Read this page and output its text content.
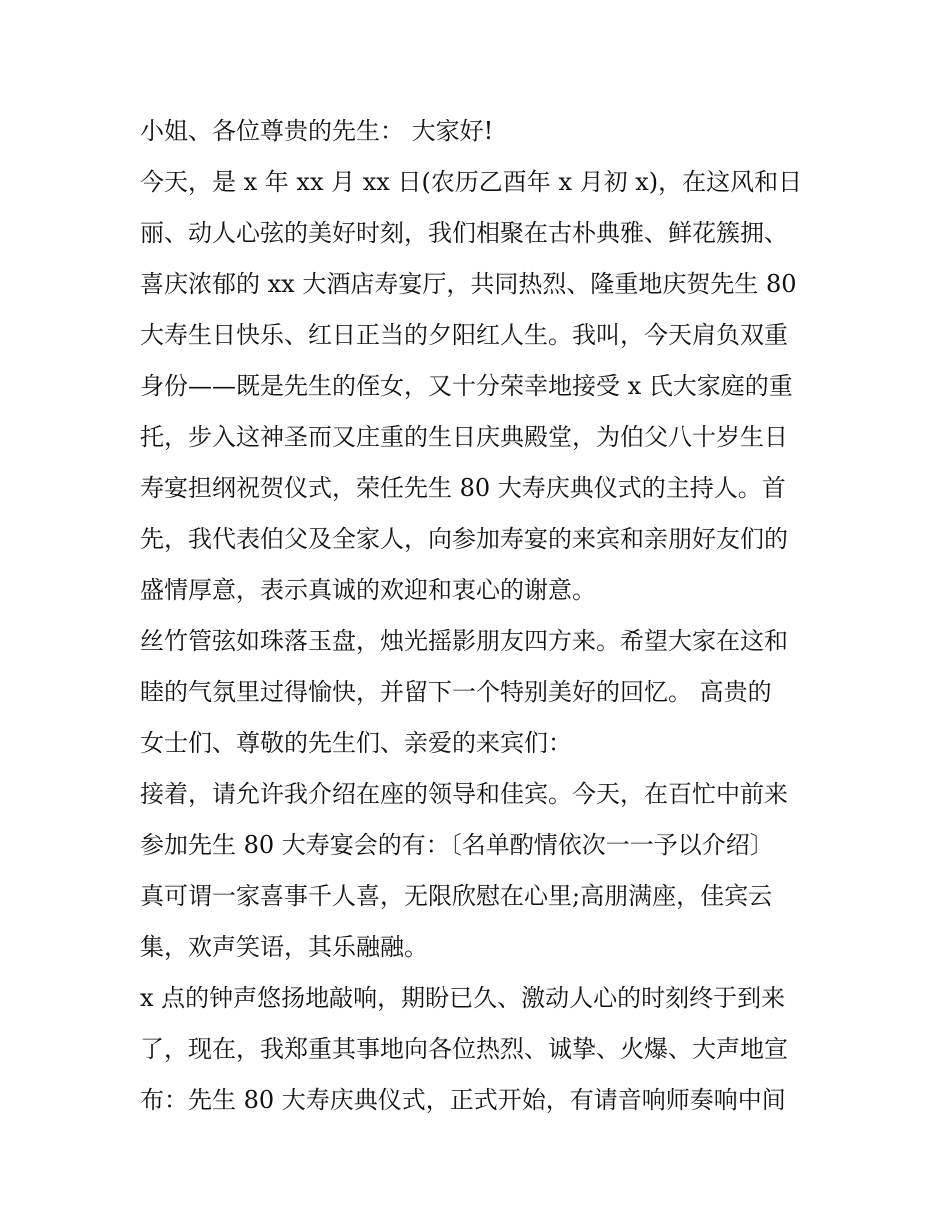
小姐、各位尊贵的先生： 大家好!
今天，是 x 年 xx 月 xx 日(农历乙酉年 x 月初 x)，在这风和日
丽、动人心弦的美好时刻，我们相聚在古朴典雅、鲜花簇拥、
喜庆浓郁的 xx 大酒店寿宴厅，共同热烈、隆重地庆贺先生 80
大寿生日快乐、红日正当的夕阳红人生。我叫，今天肩负双重
身份——既是先生的侄女，又十分荣幸地接受 x 氏大家庭的重
托，步入这神圣而又庄重的生日庆典殿堂，为伯父八十岁生日
寿宴担纲祝贺仪式，荣任先生 80 大寿庆典仪式的主持人。首
先，我代表伯父及全家人，向参加寿宴的来宾和亲朋好友们的
盛情厚意，表示真诚的欢迎和衷心的谢意。
丝竹管弦如珠落玉盘，烛光摇影朋友四方来。希望大家在这和
睦的气氛里过得愉快，并留下一个特别美好的回忆。 高贵的
女士们、尊敬的先生们、亲爱的来宾们：
接着，请允许我介绍在座的领导和佳宾。今天，在百忙中前来
参加先生 80 大寿宴会的有：〔名单酌情依次一一予以介绍〕
真可谓一家喜事千人喜，无限欣慰在心里;高朋满座，佳宾云
集，欢声笑语，其乐融融。
x 点的钟声悠扬地敲响，期盼已久、激动人心的时刻终于到来
了，现在，我郑重其事地向各位热烈、诚挚、火爆、大声地宣
布：先生 80 大寿庆典仪式，正式开始，有请音响师奏响中间
